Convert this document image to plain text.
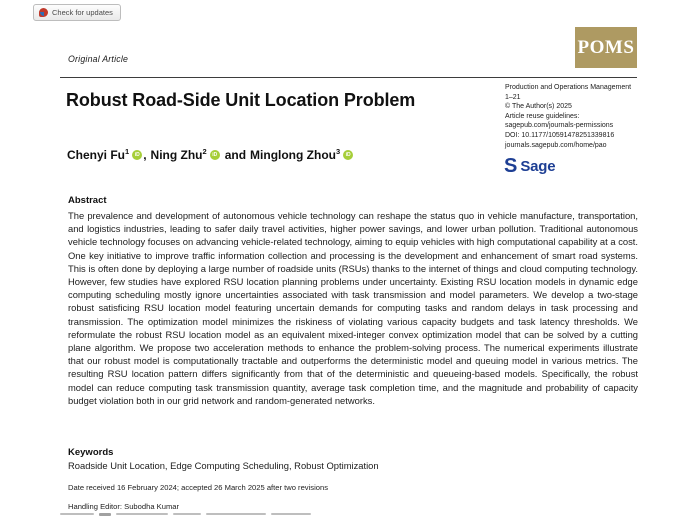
Check for updates
Original Article
POMS
Robust Road-Side Unit Location Problem
Chenyi Fu$^1$ iD , Ning Zhu$^2$ iD and Minglong Zhou$^3$ iD
Production and Operations Management
1–21
© The Author(s) 2025
Article reuse guidelines:
sagepub.com/journals-permissions
DOI: 10.1177/10591478251339816
journals.sagepub.com/home/pao
S Sage
Abstract
The prevalence and development of autonomous vehicle technology can reshape the status quo in vehicle manufacture, transportation, and logistics industries, leading to safer daily travel activities, higher power savings, and lower urban pollution. Traditional autonomous vehicle technology focuses on advancing vehicle-related technology, aiming to equip vehicles with high computational capability at a cost. One key initiative to improve traffic information collection and processing is the development and enhancement of smart road systems. This is often done by deploying a large number of roadside units (RSUs) thanks to the internet of things and cloud computing technology. However, few studies have explored RSU location planning problems under uncertainty. Existing RSU location models in dynamic edge computing scheduling mostly ignore uncertainties associated with task transmission and model parameters. We develop a two-stage robust satisficing RSU location model featuring uncertain demands for computing tasks and random delays in task processing and transmission. The optimization model minimizes the riskiness of violating various capacity budgets and task latency thresholds. We reformulate the robust RSU location model as an equivalent mixed-integer convex optimization model that can be solved by a cutting plane algorithm. We propose two acceleration methods to enhance the problem-solving process. The numerical experiments illustrate that our robust model is computationally tractable and outperforms the deterministic model and queuing model in various metrics. The resulting RSU location pattern differs significantly from that of the deterministic and queueing-based models. Specifically, the robust model can reduce computing task transmission quantity, average task completion time, and the magnitude and probability of capacity budget violation both in our grid network and random-generated networks.
Keywords
Roadside Unit Location, Edge Computing Scheduling, Robust Optimization
Date received 16 February 2024; accepted 26 March 2025 after two revisions
Handling Editor: Subodha Kumar
